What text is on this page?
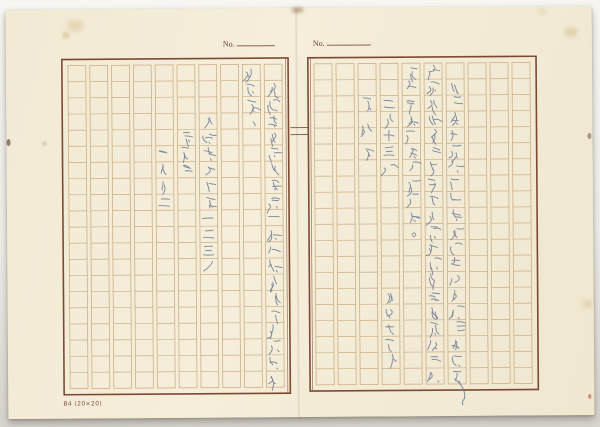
No.	No.
B4 (20×20)
